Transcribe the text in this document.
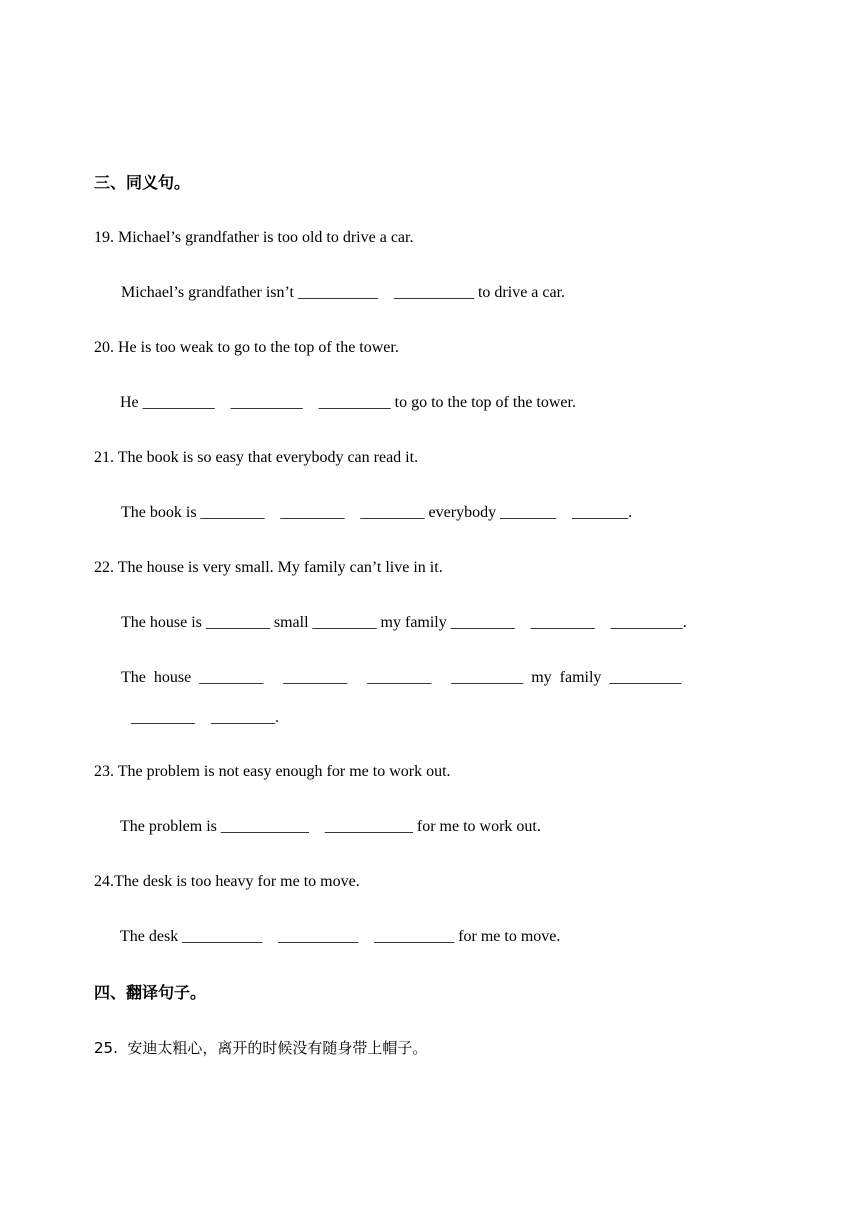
三、同义句。
19. Michael’s grandfather is too old to drive a car.
Michael’s grandfather isn’t __________    __________ to drive a car.
20. He is too weak to go to the top of the tower.
He _________    _________    _________ to go to the top of the tower.
21. The book is so easy that everybody can read it.
The book is ________    ________    ________ everybody _______    _______.
22. The house is very small. My family can’t live in it.
The house is ________ small ________ my family ________    ________    _________.
The  house  ________     ________     ________     _________  my  family  _________
________    ________.
23. The problem is not easy enough for me to work out.
The problem is ___________    ___________ for me to work out.
24.The desk is too heavy for me to move.
The desk __________    __________    __________ for me to move.
四、翻译句子。
25.  安迪太粗心，离开的时候没有随身带上帽子。
